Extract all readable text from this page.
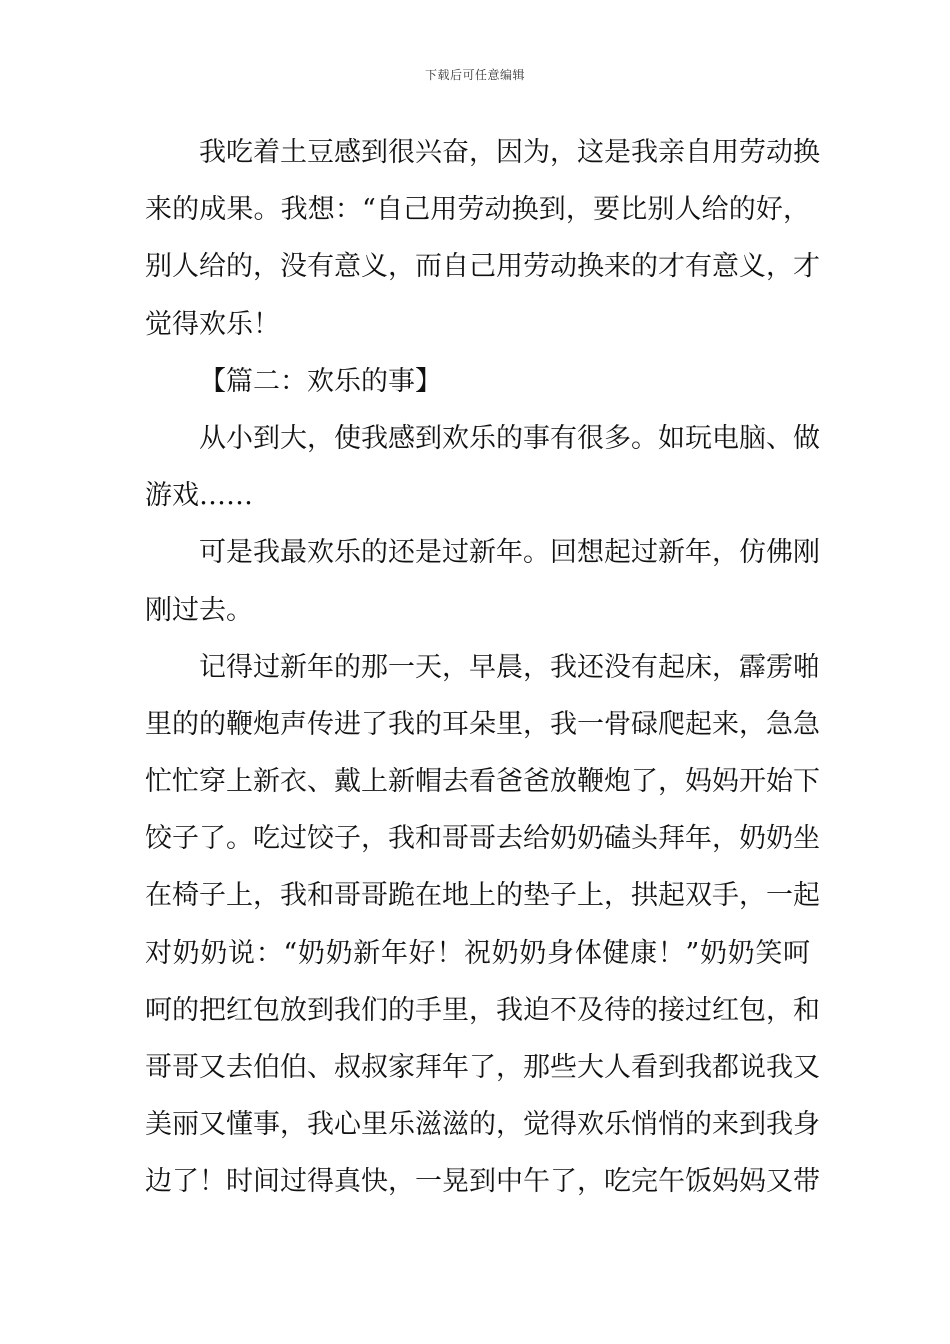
下载后可任意编辑
我吃着土豆感到很兴奋，因为，这是我亲自用劳动换
来的成果。我想：“自己用劳动换到，要比别人给的好，
别人给的，没有意义，而自己用劳动换来的才有意义，才
觉得欢乐！
【篇二：欢乐的事】
从小到大，使我感到欢乐的事有很多。如玩电脑、做
游戏……
可是我最欢乐的还是过新年。回想起过新年，仿佛刚
刚过去。
记得过新年的那一天，早晨，我还没有起床，霹雳啪
里的的鞭炮声传进了我的耳朵里，我一骨碌爬起来，急急
忙忙穿上新衣、戴上新帽去看爸爸放鞭炮了，妈妈开始下
饺子了。吃过饺子，我和哥哥去给奶奶磕头拜年，奶奶坐
在椅子上，我和哥哥跪在地上的垫子上，拱起双手，一起
对奶奶说：“奶奶新年好！祝奶奶身体健康！”奶奶笑呵
呵的把红包放到我们的手里，我迫不及待的接过红包，和
哥哥又去伯伯、叔叔家拜年了，那些大人看到我都说我又
美丽又懂事，我心里乐滋滋的，觉得欢乐悄悄的来到我身
边了！时间过得真快，一晃到中午了，吃完午饭妈妈又带
